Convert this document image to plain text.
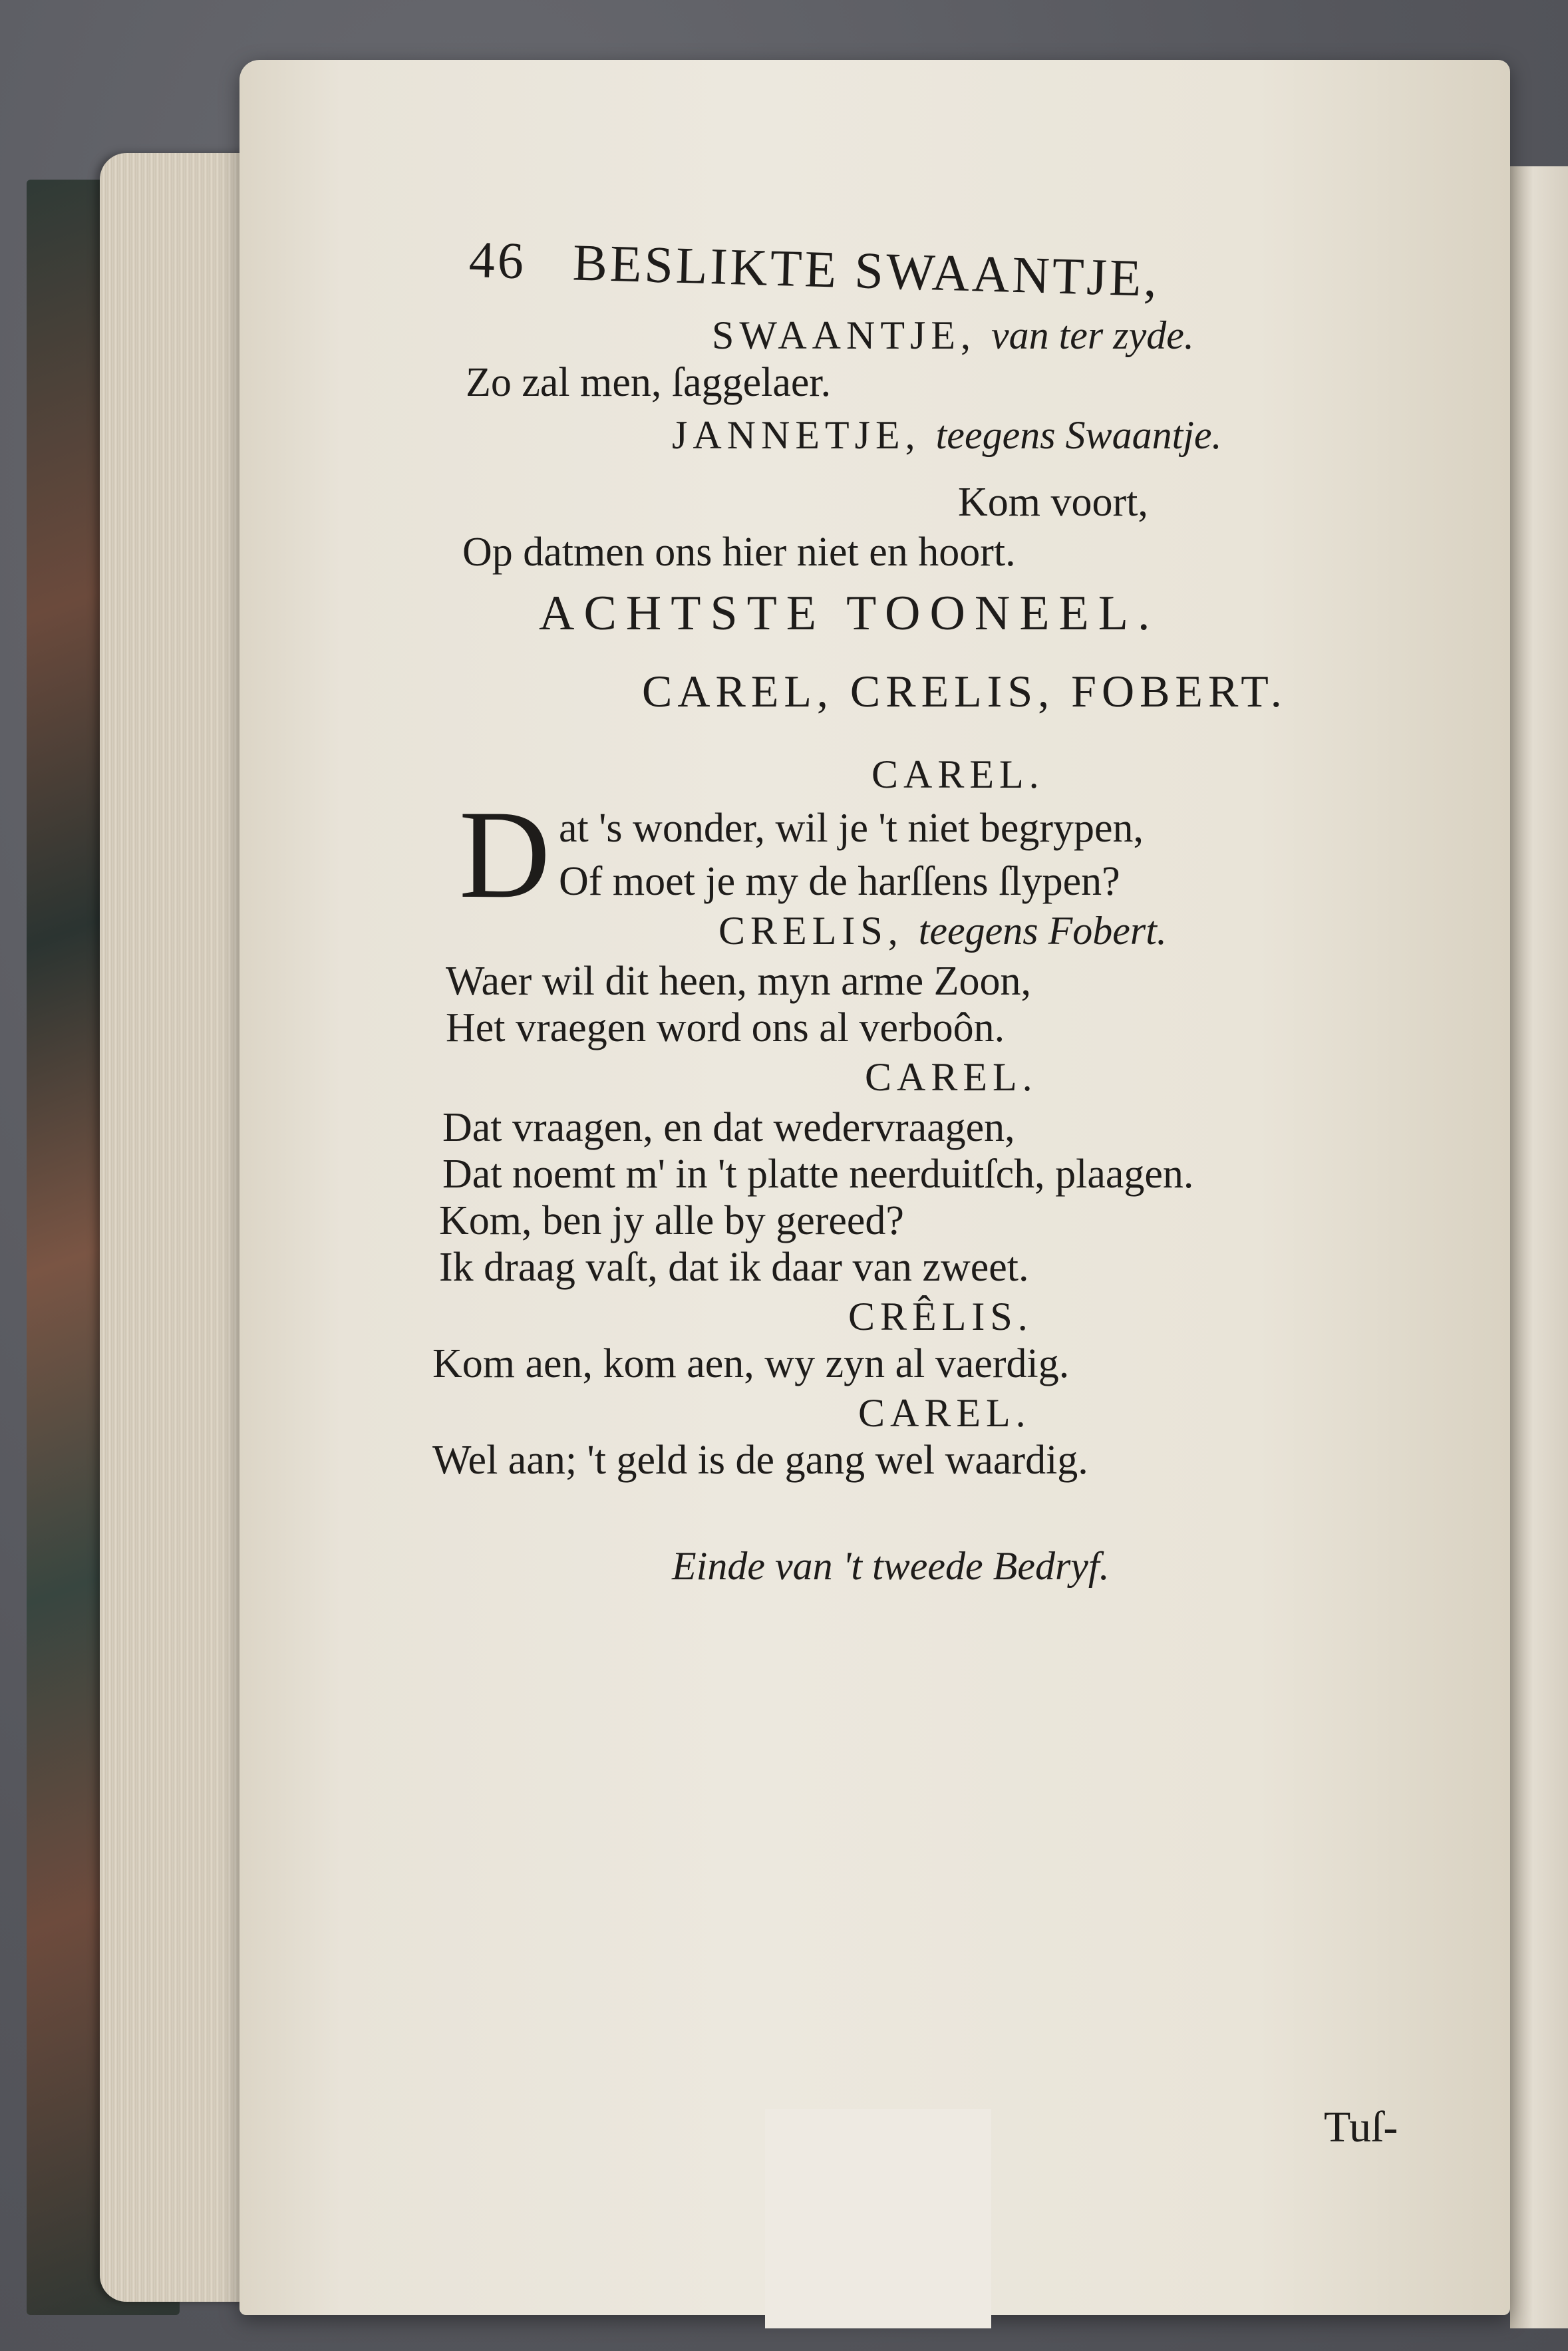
46 BESLIKTE SWAANTJE,
SWAANTJE, van ter zyde.
Zo zal men, ſaggelaer.
JANNETJE, teegens Swaantje.
Kom voort,
Op datmen ons hier niet en hoort.
ACHTSTE TOONEEL.
CAREL, CRELIS, FOBERT.
CAREL.
D at 's wonder, wil je 't niet begrypen,
Of moet je my de harſſens ſlypen?
CRELIS, teegens Fobert.
Waer wil dit heen, myn arme Zoon,
Het vraegen word ons al verboôn.
CAREL.
Dat vraagen, en dat wedervraagen,
Dat noemt m' in 't platte neerduitſch, plaagen.
Kom, ben jy alle by gereed?
Ik draag vaſt, dat ik daar van zweet.
CRÊLIS.
Kom aen, kom aen, wy zyn al vaerdig.
CAREL.
Wel aan; 't geld is de gang wel waardig.
Einde van 't tweede Bedryf.
Tuſ-
